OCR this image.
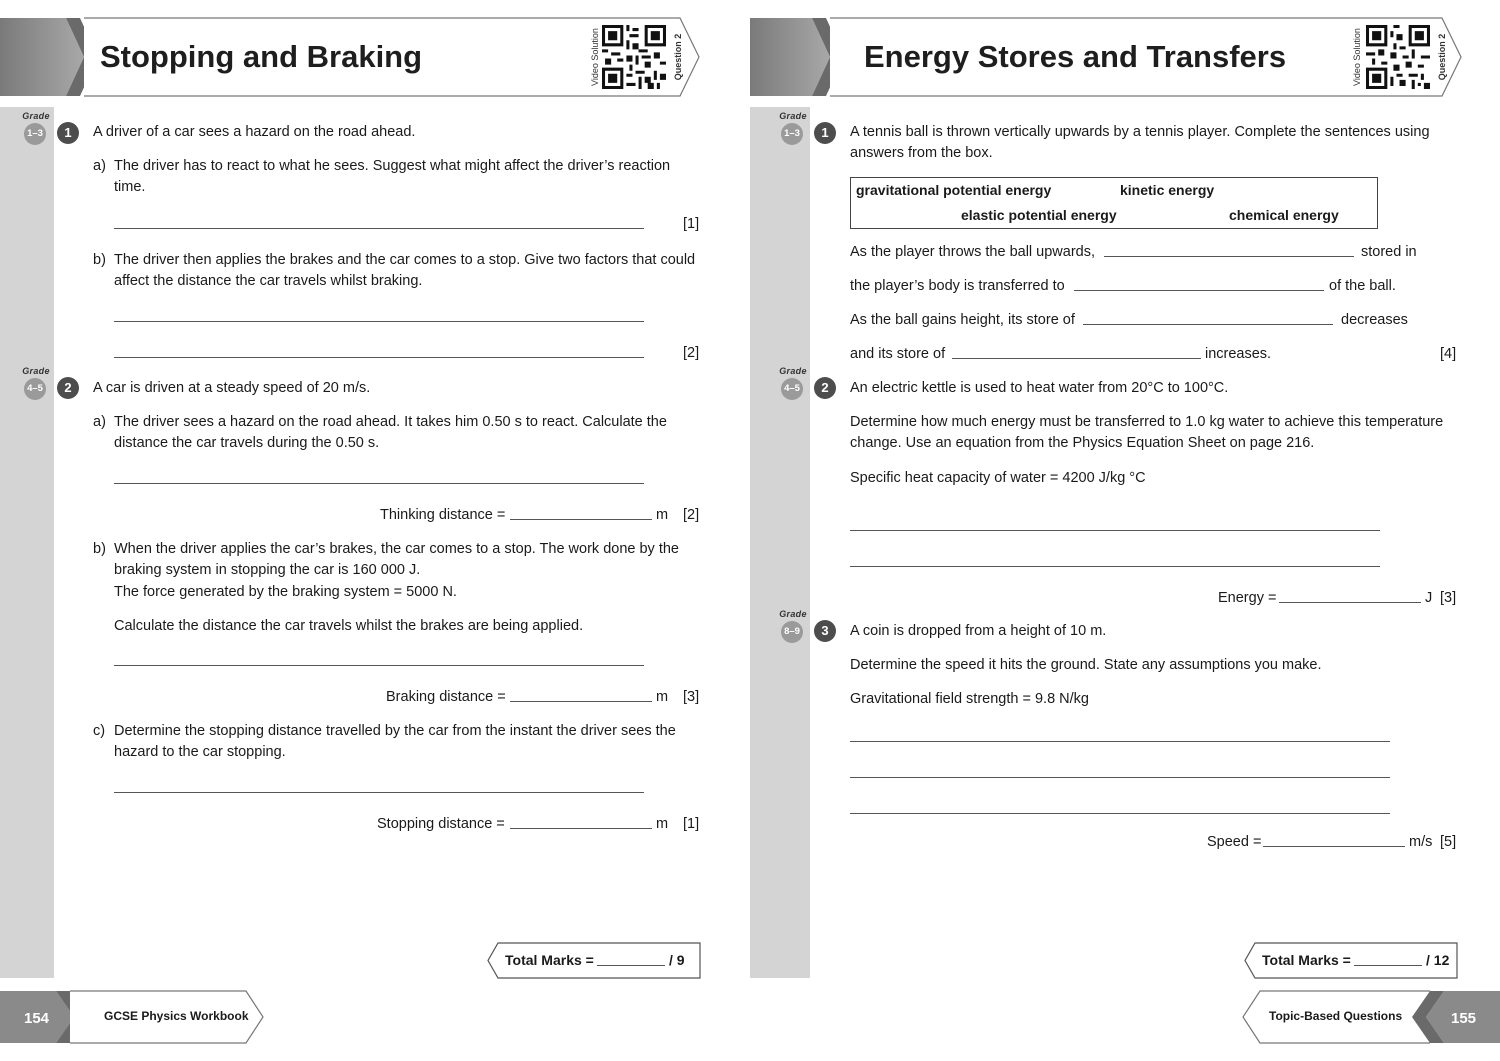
Stopping and Braking	Video Solution	Question 2	Energy Stores and Transfers	Video Solution	Question 2
Grade
1–3	1	A driver of a car sees a hazard on the road ahead.
a) The driver has to react to what he sees. Suggest what might affect the driver’s reaction time.
[1]
b) The driver then applies the brakes and the car comes to a stop. Give two factors that could affect the distance the car travels whilst braking.
[2]
Grade
4–5	2	A car is driven at a steady speed of 20 m/s.
a) The driver sees a hazard on the road ahead. It takes him 0.50 s to react. Calculate the distance the car travels during the 0.50 s.
Thinking distance =	m [2]
b) When the driver applies the car’s brakes, the car comes to a stop. The work done by the braking system in stopping the car is 160 000 J.
The force generated by the braking system = 5000 N.
Calculate the distance the car travels whilst the brakes are being applied.
Braking distance =	m [3]
c) Determine the stopping distance travelled by the car from the instant the driver sees the hazard to the car stopping.
Stopping distance =	m [1]
Total Marks =	/ 9
154	GCSE Physics Workbook
Grade
1–3	1	A tennis ball is thrown vertically upwards by a tennis player. Complete the sentences using answers from the box.
gravitational potential energy	kinetic energy
elastic potential energy	chemical energy
As the player throws the ball upwards,	stored in
the player’s body is transferred to	of the ball.
As the ball gains height, its store of	decreases
and its store of	increases.	[4]
Grade
4–5	2	An electric kettle is used to heat water from 20°C to 100°C.
Determine how much energy must be transferred to 1.0 kg water to achieve this temperature change. Use an equation from the Physics Equation Sheet on page 216.
Specific heat capacity of water = 4200 J/kg °C
Energy =	J [3]
Grade
8–9	3	A coin is dropped from a height of 10 m.
Determine the speed it hits the ground. State any assumptions you make.
Gravitational field strength = 9.8 N/kg
Speed =	m/s [5]
Total Marks =	/ 12
Topic-Based Questions	155
